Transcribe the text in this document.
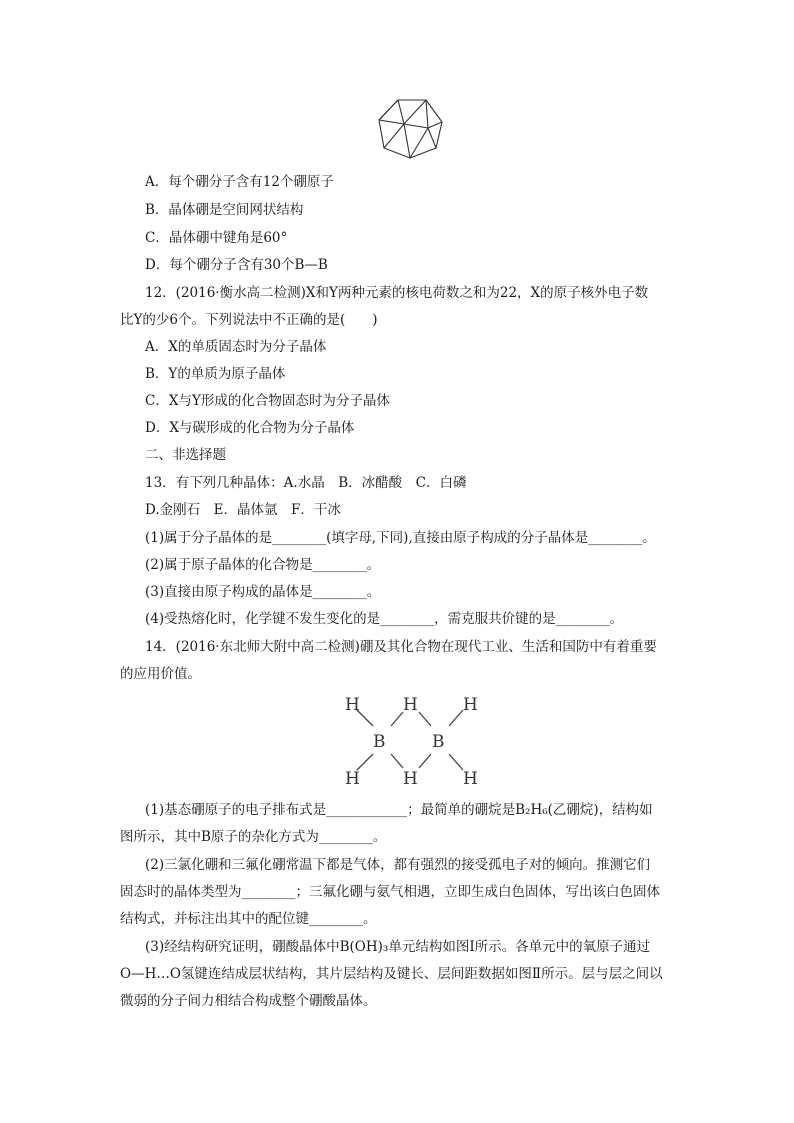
A．每个硼分子含有12个硼原子
B．晶体硼是空间网状结构
C．晶体硼中键角是60°
D．每个硼分子含有30个B—B
12．(2016·衡水高二检测)X和Y两种元素的核电荷数之和为22，X的原子核外电子数
比Y的少6个。下列说法中不正确的是(　　)
A．X的单质固态时为分子晶体
B．Y的单质为原子晶体
C．X与Y形成的化合物固态时为分子晶体
D．X与碳形成的化合物为分子晶体
二、非选择题
13．有下列几种晶体：A.水晶　B．冰醋酸　C．白磷
D.金刚石　E．晶体氩　F．干冰
(1)属于分子晶体的是________(填字母,下同),直接由原子构成的分子晶体是________。
(2)属于原子晶体的化合物是________。
(3)直接由原子构成的晶体是________。
(4)受热熔化时，化学键不发生变化的是________，需克服共价键的是________。
14．(2016·东北师大附中高二检测)硼及其化合物在现代工业、生活和国防中有着重要
的应用价值。
H	H	H
B	B
H	H	H
(1)基态硼原子的电子排布式是____________；最简单的硼烷是B₂H₆(乙硼烷)，结构如
图所示，其中B原子的杂化方式为________。
(2)三氯化硼和三氟化硼常温下都是气体，都有强烈的接受孤电子对的倾向。推测它们
固态时的晶体类型为________；三氟化硼与氨气相遇，立即生成白色固体，写出该白色固体
结构式，并标注出其中的配位键________。
(3)经结构研究证明，硼酸晶体中B(OH)₃单元结构如图Ⅰ所示。各单元中的氧原子通过
O—H…O氢键连结成层状结构，其片层结构及键长、层间距数据如图Ⅱ所示。层与层之间以
微弱的分子间力相结合构成整个硼酸晶体。
